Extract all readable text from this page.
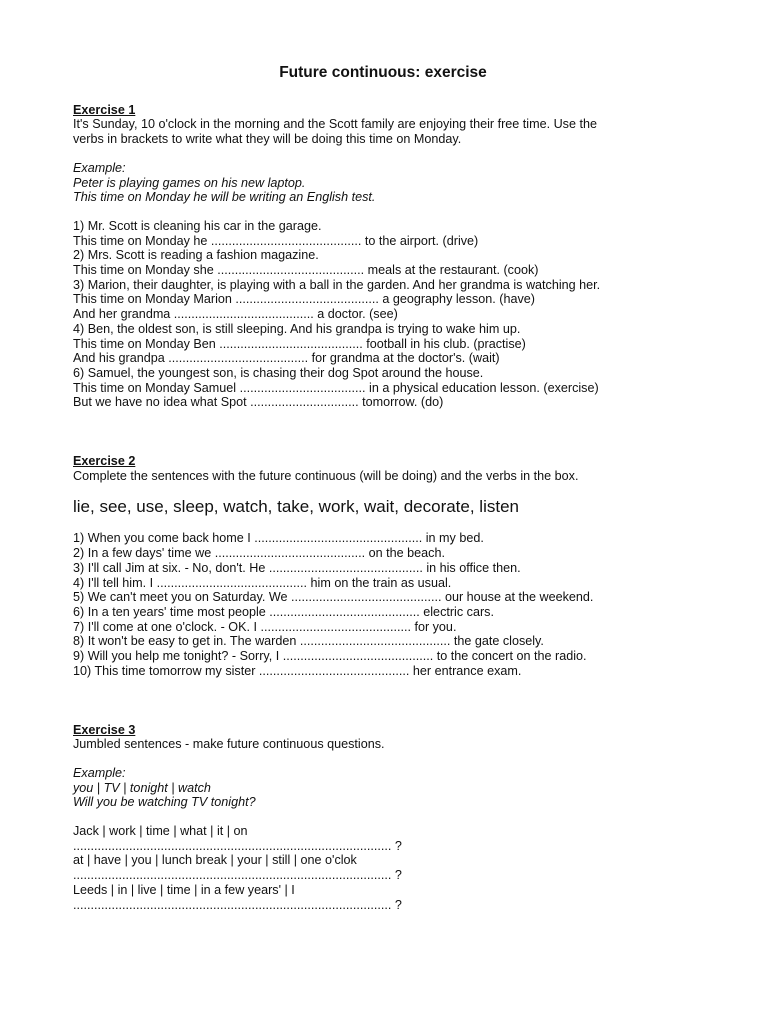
Future continuous: exercise
Exercise 1
It's Sunday, 10 o'clock in the morning and the Scott family are enjoying their free time. Use the
verbs in brackets to write what they will be doing this time on Monday.
Example:
Peter is playing games on his new laptop.
This time on Monday he will be writing an English test.
1) Mr. Scott is cleaning his car in the garage.
This time on Monday he ........................................... to the airport. (drive)
2) Mrs. Scott is reading a fashion magazine.
This time on Monday she .......................................... meals at the restaurant. (cook)
3) Marion, their daughter, is playing with a ball in the garden. And her grandma is watching her.
This time on Monday Marion ......................................... a geography lesson. (have)
And her grandma ........................................ a doctor. (see)
4) Ben, the oldest son, is still sleeping. And his grandpa is trying to wake him up.
This time on Monday Ben ......................................... football in his club. (practise)
And his grandpa ........................................ for grandma at the doctor's. (wait)
6) Samuel, the youngest son, is chasing their dog Spot around the house.
This time on Monday Samuel .................................... in a physical education lesson. (exercise)
But we have no idea what Spot ............................... tomorrow. (do)
Exercise 2
Complete the sentences with the future continuous (will be doing) and the verbs in the box.
lie, see, use, sleep, watch, take, work, wait, decorate, listen
1) When you come back home I ................................................ in my bed.
2) In a few days' time we ........................................... on the beach.
3) I'll call Jim at six. - No, don't. He ............................................ in his office then.
4) I'll tell him. I ........................................... him on the train as usual.
5) We can't meet you on Saturday. We ........................................... our house at the weekend.
6) In a ten years' time most people ........................................... electric cars.
7) I'll come at one o'clock. - OK. I ........................................... for you.
8) It won't be easy to get in. The warden ........................................... the gate closely.
9) Will you help me tonight? - Sorry, I ........................................... to the concert on the radio.
10) This time tomorrow my sister ........................................... her entrance exam.
Exercise 3
Jumbled sentences - make future continuous questions.
Example:
you | TV | tonight | watch
Will you be watching TV tonight?
Jack | work | time | what | it | on
........................................................................................... ?
at | have | you | lunch break | your | still | one o'clok
........................................................................................... ?
Leeds | in | live | time | in a few years' | I
........................................................................................... ?
